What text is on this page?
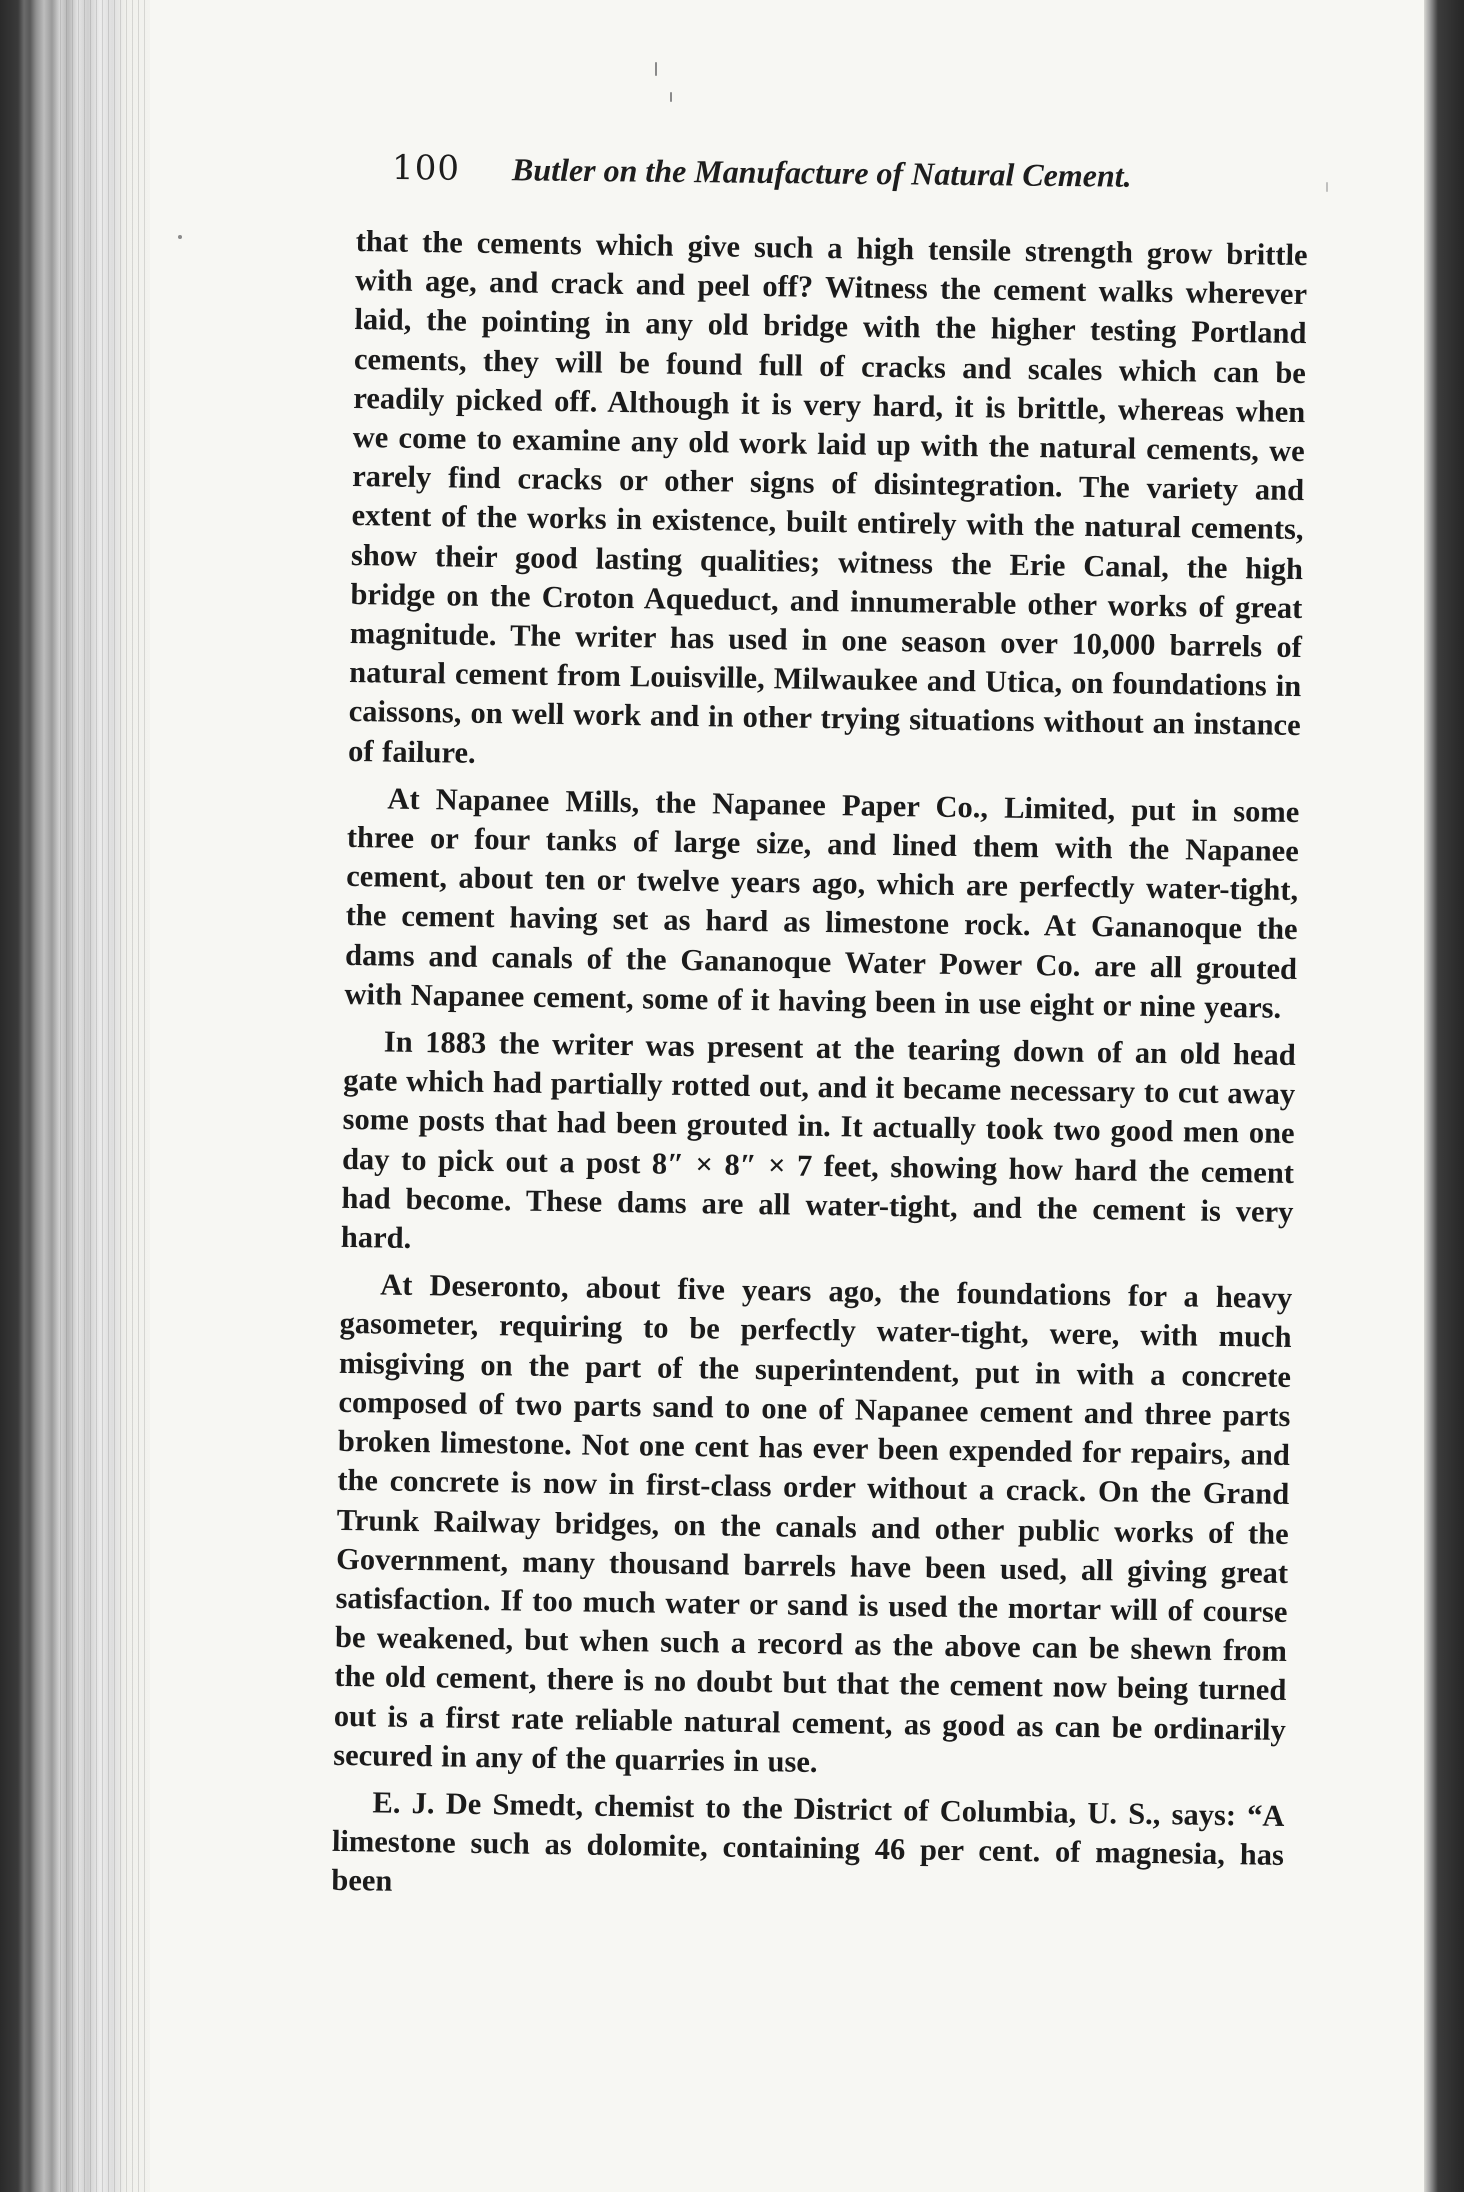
100 Butler on the Manufacture of Natural Cement.

that the cements which give such a high tensile strength grow brittle with age, and crack and peel off? Witness the cement walks wherever laid, the pointing in any old bridge with the higher testing Portland cements, they will be found full of cracks and scales which can be readily picked off. Although it is very hard, it is brittle, whereas when we come to examine any old work laid up with the natural cements, we rarely find cracks or other signs of disintegration. The variety and extent of the works in existence, built entirely with the natural cements, show their good lasting qualities; witness the Erie Canal, the high bridge on the Croton Aqueduct, and innumerable other works of great magnitude. The writer has used in one season over 10,000 barrels of natural cement from Louisville, Milwaukee and Utica, on foundations in caissons, on well work and in other trying situations without an instance of failure.

At Napanee Mills, the Napanee Paper Co., Limited, put in some three or four tanks of large size, and lined them with the Napanee cement, about ten or twelve years ago, which are perfectly water-tight, the cement having set as hard as limestone rock. At Gananoque the dams and canals of the Gananoque Water Power Co. are all grouted with Napanee cement, some of it having been in use eight or nine years.

In 1883 the writer was present at the tearing down of an old head gate which had partially rotted out, and it became necessary to cut away some posts that had been grouted in. It actually took two good men one day to pick out a post 8″ × 8″ × 7 feet, showing how hard the cement had become. These dams are all water-tight, and the cement is very hard.

At Deseronto, about five years ago, the foundations for a heavy gasometer, requiring to be perfectly water-tight, were, with much misgiving on the part of the superintendent, put in with a concrete composed of two parts sand to one of Napanee cement and three parts broken limestone. Not one cent has ever been expended for repairs, and the concrete is now in first-class order without a crack. On the Grand Trunk Railway bridges, on the canals and other public works of the Government, many thousand barrels have been used, all giving great satisfaction. If too much water or sand is used the mortar will of course be weakened, but when such a record as the above can be shewn from the old cement, there is no doubt but that the cement now being turned out is a first rate reliable natural cement, as good as can be ordinarily secured in any of the quarries in use.

E. J. De Smedt, chemist to the District of Columbia, U. S., says: “A limestone such as dolomite, containing 46 per cent. of magnesia, has been
